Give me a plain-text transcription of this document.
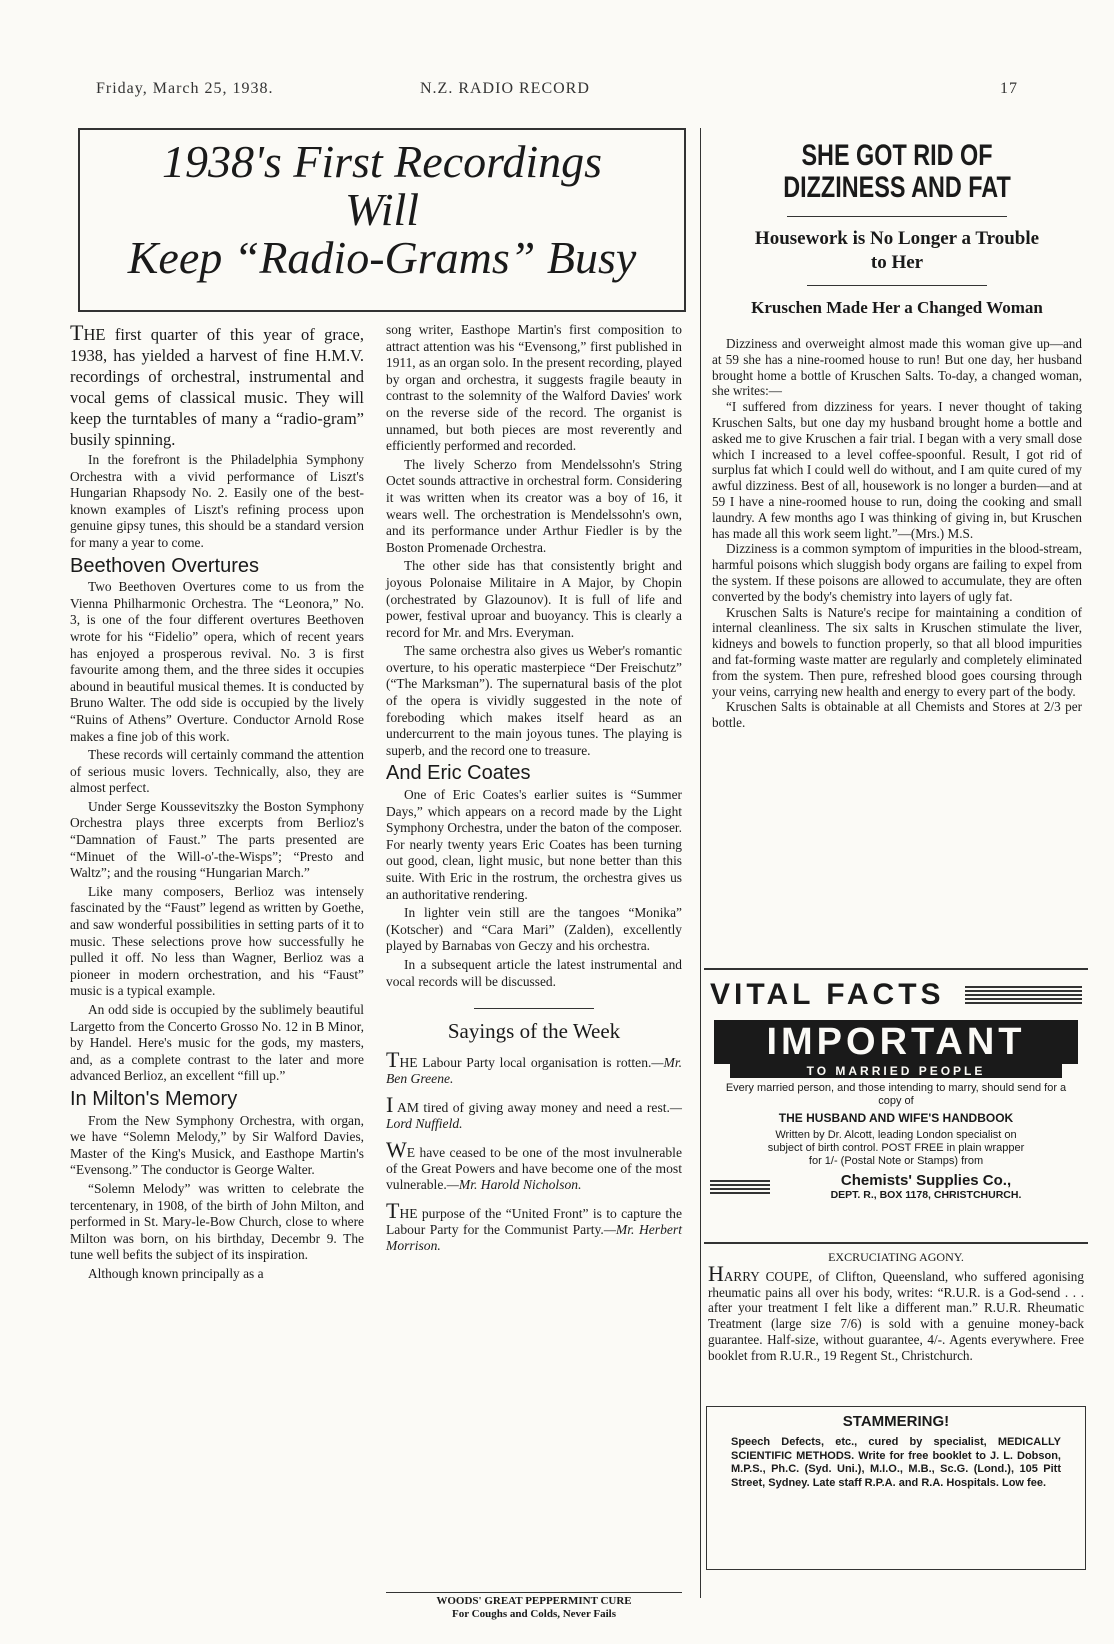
Friday, March 25, 1938.	N.Z. RADIO RECORD	17
1938's First Recordings
Will
Keep “Radio-Grams” Busy

THE first quarter of this year of grace, 1938, has yielded a harvest of fine H.M.V. recordings of orchestral, instrumental and vocal gems of classical music. They will keep the turntables of many a “radio-gram” busily spinning.

In the forefront is the Philadelphia Symphony Orchestra with a vivid performance of Liszt's Hungarian Rhapsody No. 2. Easily one of the best-known examples of Liszt's refining process upon genuine gipsy tunes, this should be a standard version for many a year to come.

Beethoven Overtures

Two Beethoven Overtures come to us from the Vienna Philharmonic Orchestra. The “Leonora,” No. 3, is one of the four different overtures Beethoven wrote for his “Fidelio” opera, which of recent years has enjoyed a prosperous revival. No. 3 is first favourite among them, and the three sides it occupies abound in beautiful musical themes. It is conducted by Bruno Walter. The odd side is occupied by the lively “Ruins of Athens” Overture. Conductor Arnold Rose makes a fine job of this work.

These records will certainly command the attention of serious music lovers. Technically, also, they are almost perfect.

Under Serge Koussevitszky the Boston Symphony Orchestra plays three excerpts from Berlioz's “Damnation of Faust.” The parts presented are “Minuet of the Will-o'-the-Wisps”; “Presto and Waltz”; and the rousing “Hungarian March.”

Like many composers, Berlioz was intensely fascinated by the “Faust” legend as written by Goethe, and saw wonderful possibilities in setting parts of it to music. These selections prove how successfully he pulled it off. No less than Wagner, Berlioz was a pioneer in modern orchestration, and his “Faust” music is a typical example.

An odd side is occupied by the sublimely beautiful Largetto from the Concerto Grosso No. 12 in B Minor, by Handel. Here's music for the gods, my masters, and, as a complete contrast to the later and more advanced Berlioz, an excellent “fill up.”

In Milton's Memory

From the New Symphony Orchestra, with organ, we have “Solemn Melody,” by Sir Walford Davies, Master of the King's Musick, and Easthope Martin's “Evensong.” The conductor is George Walter.

“Solemn Melody” was written to celebrate the tercentenary, in 1908, of the birth of John Milton, and performed in St. Mary-le-Bow Church, close to where Milton was born, on his birthday, Decembr 9. The tune well befits the subject of its inspiration.

Although known principally as a

song writer, Easthope Martin's first composition to attract attention was his “Evensong,” first published in 1911, as an organ solo. In the present recording, played by organ and orchestra, it suggests fragile beauty in contrast to the solemnity of the Walford Davies' work on the reverse side of the record. The organist is unnamed, but both pieces are most reverently and efficiently performed and recorded.

The lively Scherzo from Mendelssohn's String Octet sounds attractive in orchestral form. Considering it was written when its creator was a boy of 16, it wears well. The orchestration is Mendelssohn's own, and its performance under Arthur Fiedler is by the Boston Promenade Orchestra.

The other side has that consistently bright and joyous Polonaise Militaire in A Major, by Chopin (orchestrated by Glazounov). It is full of life and power, festival uproar and buoyancy. This is clearly a record for Mr. and Mrs. Everyman.

The same orchestra also gives us Weber's romantic overture, to his operatic masterpiece “Der Freischutz” (“The Marksman”). The supernatural basis of the plot of the opera is vividly suggested in the note of foreboding which makes itself heard as an undercurrent to the main joyous tunes. The playing is superb, and the record one to treasure.

And Eric Coates

One of Eric Coates's earlier suites is “Summer Days,” which appears on a record made by the Light Symphony Orchestra, under the baton of the composer. For nearly twenty years Eric Coates has been turning out good, clean, light music, but none better than this suite. With Eric in the rostrum, the orchestra gives us an authoritative rendering.

In lighter vein still are the tangoes “Monika” (Kotscher) and “Cara Mari” (Zalden), excellently played by Barnabas von Geczy and his orchestra.

In a subsequent article the latest instrumental and vocal records will be discussed.

Sayings of the Week

THE Labour Party local organisation is rotten.—Mr. Ben Greene.

I AM tired of giving away money and need a rest.—Lord Nuffield.

WE have ceased to be one of the most invulnerable of the Great Powers and have become one of the most vulnerable.—Mr. Harold Nicholson.

THE purpose of the “United Front” is to capture the Labour Party for the Communist Party.—Mr. Herbert Morrison.

WOODS' GREAT PEPPERMINT CURE
For Coughs and Colds, Never Fails
SHE GOT RID OF
DIZZINESS AND FAT
Housework is No Longer a Trouble to Her
Kruschen Made Her a Changed Woman

Dizziness and overweight almost made this woman give up—and at 59 she has a nine-roomed house to run! But one day, her husband brought home a bottle of Kruschen Salts. To-day, a changed woman, she writes:—

“I suffered from dizziness for years. I never thought of taking Kruschen Salts, but one day my husband brought home a bottle and asked me to give Kruschen a fair trial. I began with a very small dose which I increased to a level coffee-spoonful. Result, I got rid of surplus fat which I could well do without, and I am quite cured of my awful dizziness. Best of all, housework is no longer a burden—and at 59 I have a nine-roomed house to run, doing the cooking and small laundry. A few months ago I was thinking of giving in, but Kruschen has made all this work seem light.”—(Mrs.) M.S.

Dizziness is a common symptom of impurities in the blood-stream, harmful poisons which sluggish body organs are failing to expel from the system. If these poisons are allowed to accumulate, they are often converted by the body's chemistry into layers of ugly fat.

Kruschen Salts is Nature's recipe for maintaining a condition of internal cleanliness. The six salts in Kruschen stimulate the liver, kidneys and bowels to function properly, so that all blood impurities and fat-forming waste matter are regularly and completely eliminated from the system. Then pure, refreshed blood goes coursing through your veins, carrying new health and energy to every part of the body.

Kruschen Salts is obtainable at all Chemists and Stores at 2/3 per bottle.

VITAL FACTS
IMPORTANT
TO MARRIED PEOPLE
Every married person, and those intending to marry, should send for a copy of
THE HUSBAND AND WIFE'S HANDBOOK
Written by Dr. Alcott, leading London specialist on subject of birth control. POST FREE in plain wrapper for 1/- (Postal Note or Stamps) from
Chemists' Supplies Co.,
DEPT. R., BOX 1178, CHRISTCHURCH.
EXCRUCIATING AGONY.

HARRY COUPE, of Clifton, Queensland, who suffered agonising rheumatic pains all over his body, writes: “R.U.R. is a God-send . . . after your treatment I felt like a different man.” R.U.R. Rheumatic Treatment (large size 7/6) is sold with a genuine money-back guarantee. Half-size, without guarantee, 4/-. Agents everywhere. Free booklet from R.U.R., 19 Regent St., Christchurch.

STAMMERING!
Speech Defects, etc., cured by specialist, MEDICALLY SCIENTIFIC METHODS. Write for free booklet to J. L. Dobson, M.P.S., Ph.C. (Syd. Uni.), M.I.O., M.B., Sc.G. (Lond.), 105 Pitt Street, Sydney. Late staff R.P.A. and R.A. Hospitals. Low fee.
